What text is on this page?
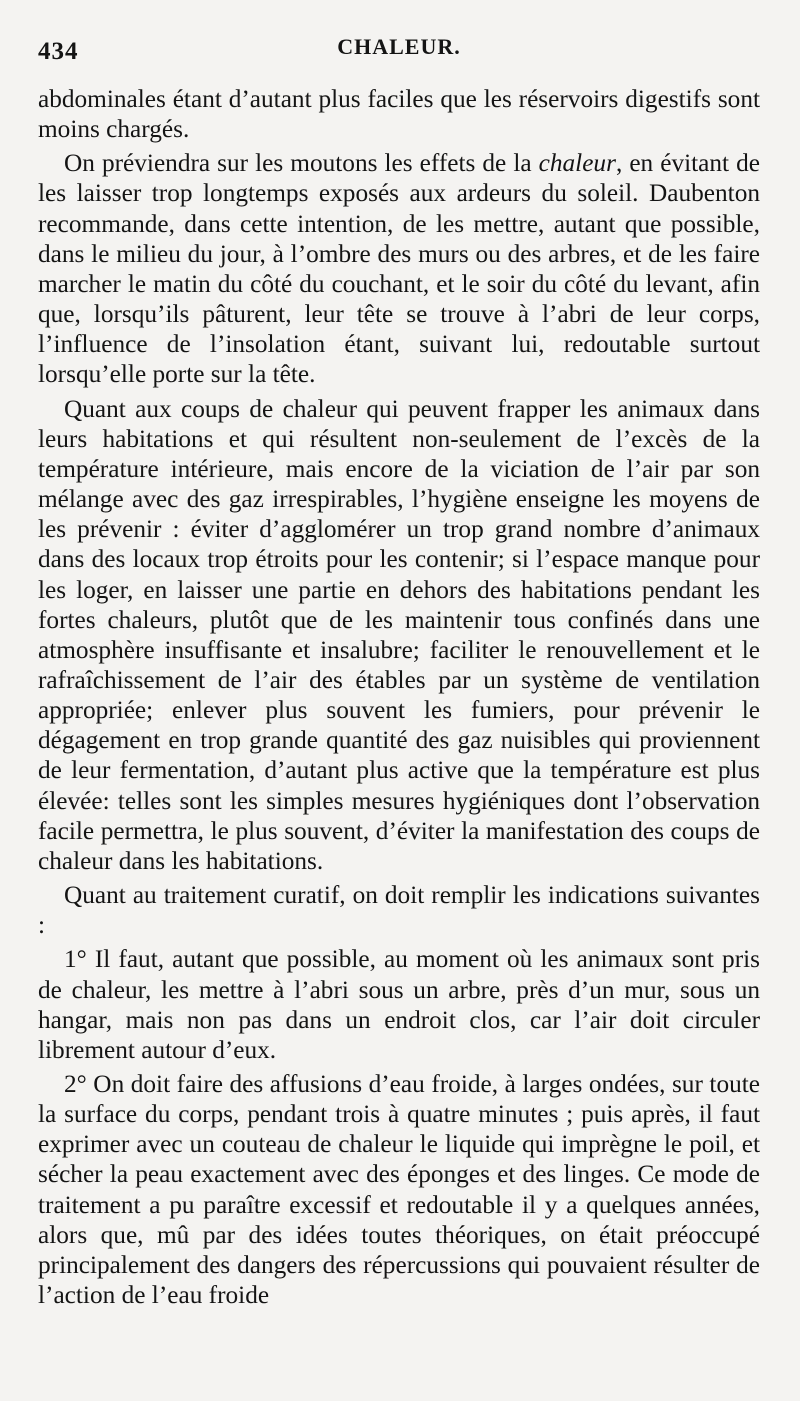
434	CHALEUR.

abdominales étant d’autant plus faciles que les réservoirs digestifs sont moins chargés.

On préviendra sur les moutons les effets de la chaleur, en évitant de les laisser trop longtemps exposés aux ardeurs du soleil. Daubenton recommande, dans cette intention, de les mettre, autant que possible, dans le milieu du jour, à l’ombre des murs ou des arbres, et de les faire marcher le matin du côté du couchant, et le soir du côté du levant, afin que, lorsqu’ils pâturent, leur tête se trouve à l’abri de leur corps, l’influence de l’insolation étant, suivant lui, redoutable surtout lorsqu’elle porte sur la tête.

Quant aux coups de chaleur qui peuvent frapper les animaux dans leurs habitations et qui résultent non-seulement de l’excès de la température intérieure, mais encore de la viciation de l’air par son mélange avec des gaz irrespirables, l’hygiène enseigne les moyens de les prévenir : éviter d’agglomérer un trop grand nombre d’animaux dans des locaux trop étroits pour les contenir; si l’espace manque pour les loger, en laisser une partie en dehors des habitations pendant les fortes chaleurs, plutôt que de les maintenir tous confinés dans une atmosphère insuffisante et insalubre; faciliter le renouvellement et le rafraîchissement de l’air des étables par un système de ventilation appropriée; enlever plus souvent les fumiers, pour prévenir le dégagement en trop grande quantité des gaz nuisibles qui proviennent de leur fermentation, d’autant plus active que la température est plus élevée: telles sont les simples mesures hygiéniques dont l’observation facile permettra, le plus souvent, d’éviter la manifestation des coups de chaleur dans les habitations.

Quant au traitement curatif, on doit remplir les indications suivantes :

1° Il faut, autant que possible, au moment où les animaux sont pris de chaleur, les mettre à l’abri sous un arbre, près d’un mur, sous un hangar, mais non pas dans un endroit clos, car l’air doit circuler librement autour d’eux.

2° On doit faire des affusions d’eau froide, à larges ondées, sur toute la surface du corps, pendant trois à quatre minutes ; puis après, il faut exprimer avec un couteau de chaleur le liquide qui imprègne le poil, et sécher la peau exactement avec des éponges et des linges. Ce mode de traitement a pu paraître excessif et redoutable il y a quelques années, alors que, mû par des idées toutes théoriques, on était préoccupé principalement des dangers des répercussions qui pouvaient résulter de l’action de l’eau froide
